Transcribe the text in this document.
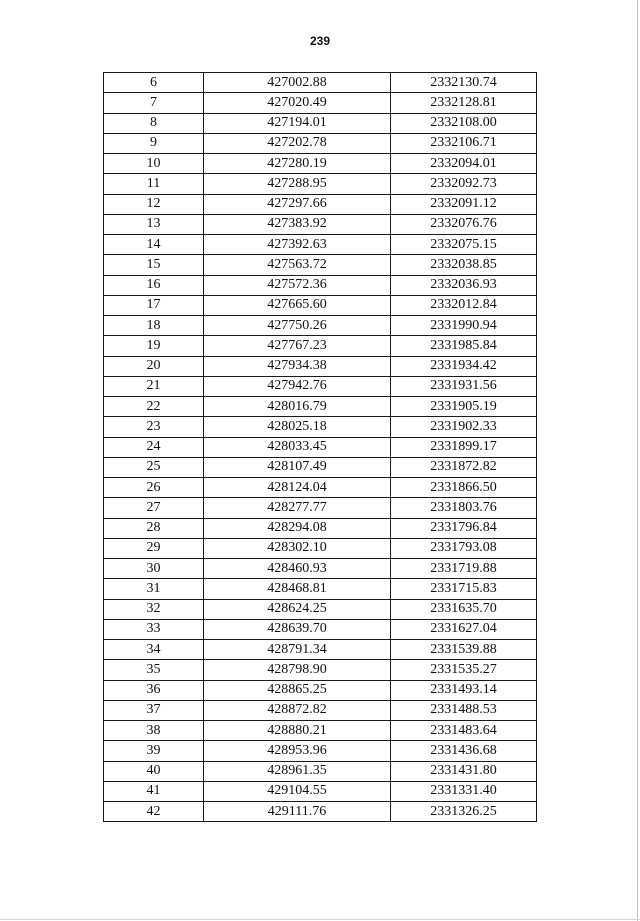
239
6	427002.88	2332130.74
7	427020.49	2332128.81
8	427194.01	2332108.00
9	427202.78	2332106.71
10	427280.19	2332094.01
11	427288.95	2332092.73
12	427297.66	2332091.12
13	427383.92	2332076.76
14	427392.63	2332075.15
15	427563.72	2332038.85
16	427572.36	2332036.93
17	427665.60	2332012.84
18	427750.26	2331990.94
19	427767.23	2331985.84
20	427934.38	2331934.42
21	427942.76	2331931.56
22	428016.79	2331905.19
23	428025.18	2331902.33
24	428033.45	2331899.17
25	428107.49	2331872.82
26	428124.04	2331866.50
27	428277.77	2331803.76
28	428294.08	2331796.84
29	428302.10	2331793.08
30	428460.93	2331719.88
31	428468.81	2331715.83
32	428624.25	2331635.70
33	428639.70	2331627.04
34	428791.34	2331539.88
35	428798.90	2331535.27
36	428865.25	2331493.14
37	428872.82	2331488.53
38	428880.21	2331483.64
39	428953.96	2331436.68
40	428961.35	2331431.80
41	429104.55	2331331.40
42	429111.76	2331326.25
